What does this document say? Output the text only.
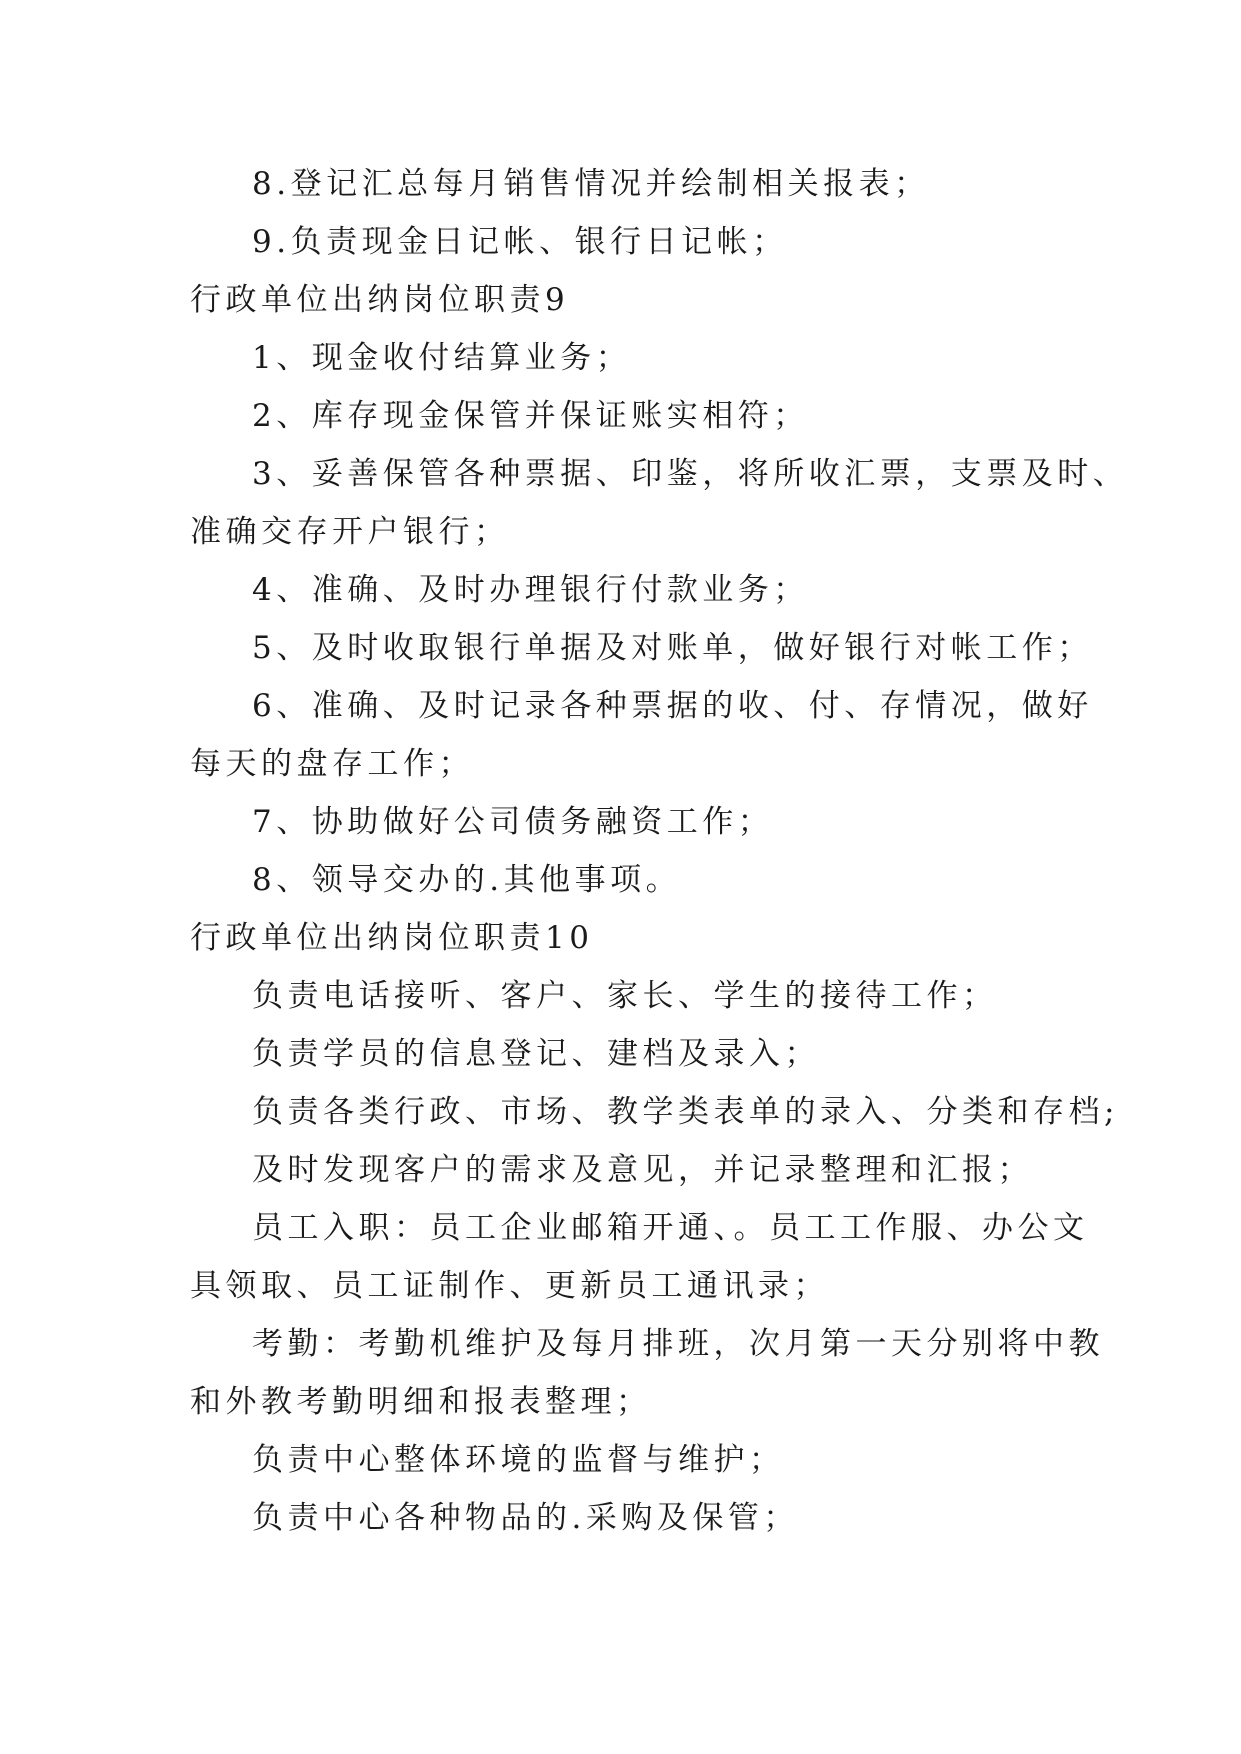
8.登记汇总每月销售情况并绘制相关报表；
9.负责现金日记帐、银行日记帐；
行政单位出纳岗位职责9
1、现金收付结算业务；
2、库存现金保管并保证账实相符；
3、妥善保管各种票据、印鉴，将所收汇票，支票及时、
准确交存开户银行；
4、准确、及时办理银行付款业务；
5、及时收取银行单据及对账单，做好银行对帐工作；
6、准确、及时记录各种票据的收、付、存情况，做好
每天的盘存工作；
7、协助做好公司债务融资工作；
8、领导交办的.其他事项。
行政单位出纳岗位职责10
负责电话接听、客户、家长、学生的接待工作；
负责学员的信息登记、建档及录入；
负责各类行政、市场、教学类表单的录入、分类和存档;
及时发现客户的需求及意见，并记录整理和汇报；
员工入职：员工企业邮箱开通、。员工工作服、办公文
具领取、员工证制作、更新员工通讯录；
考勤：考勤机维护及每月排班，次月第一天分别将中教
和外教考勤明细和报表整理；
负责中心整体环境的监督与维护；
负责中心各种物品的.采购及保管；
